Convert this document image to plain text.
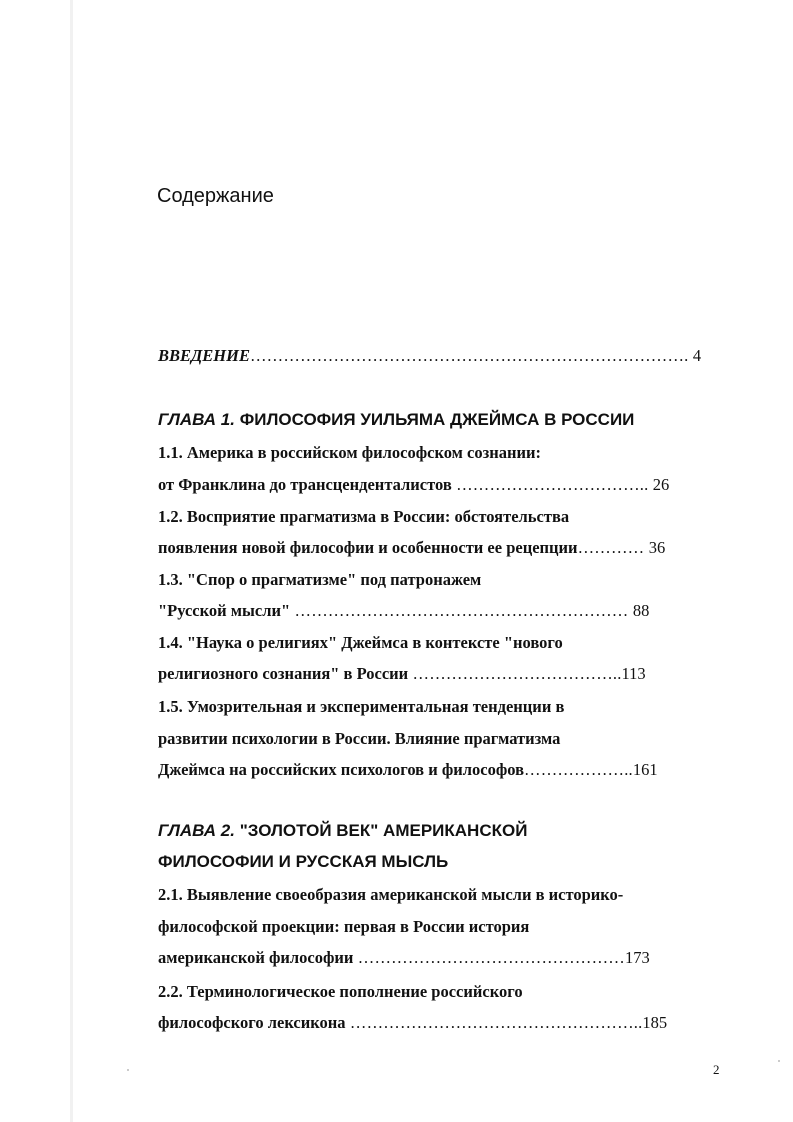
Содержание
ВВЕДЕНИЕ……………………………………………………………………. 4
ГЛАВА 1. ФИЛОСОФИЯ УИЛЬЯМА ДЖЕЙМСА В РОССИИ
1.1. Америка в российском философском сознании:
от Франклина до трансценденталистов …………………………….. 26
1.2. Восприятие прагматизма в России: обстоятельства
появления новой философии и особенности ее рецепции………… 36
1.3. "Спор о прагматизме" под патронажем
"Русской мысли" …………………………………………………… 88
1.4. "Наука о религиях" Джеймса в контексте "нового
религиозного сознания" в России ………………………………..113
1.5. Умозрительная и экспериментальная тенденции в
развитии психологии в России. Влияние прагматизма
Джеймса на российских психологов и философов………………..161
ГЛАВА 2. "ЗОЛОТОЙ ВЕК" АМЕРИКАНСКОЙ
ФИЛОСОФИИ И РУССКАЯ МЫСЛЬ
2.1. Выявление своеобразия американской мысли в историко-
философской проекции: первая в России история
американской философии …………………………………………173
2.2. Терминологическое пополнение российского
философского лексикона ……………………………………………..185
2
